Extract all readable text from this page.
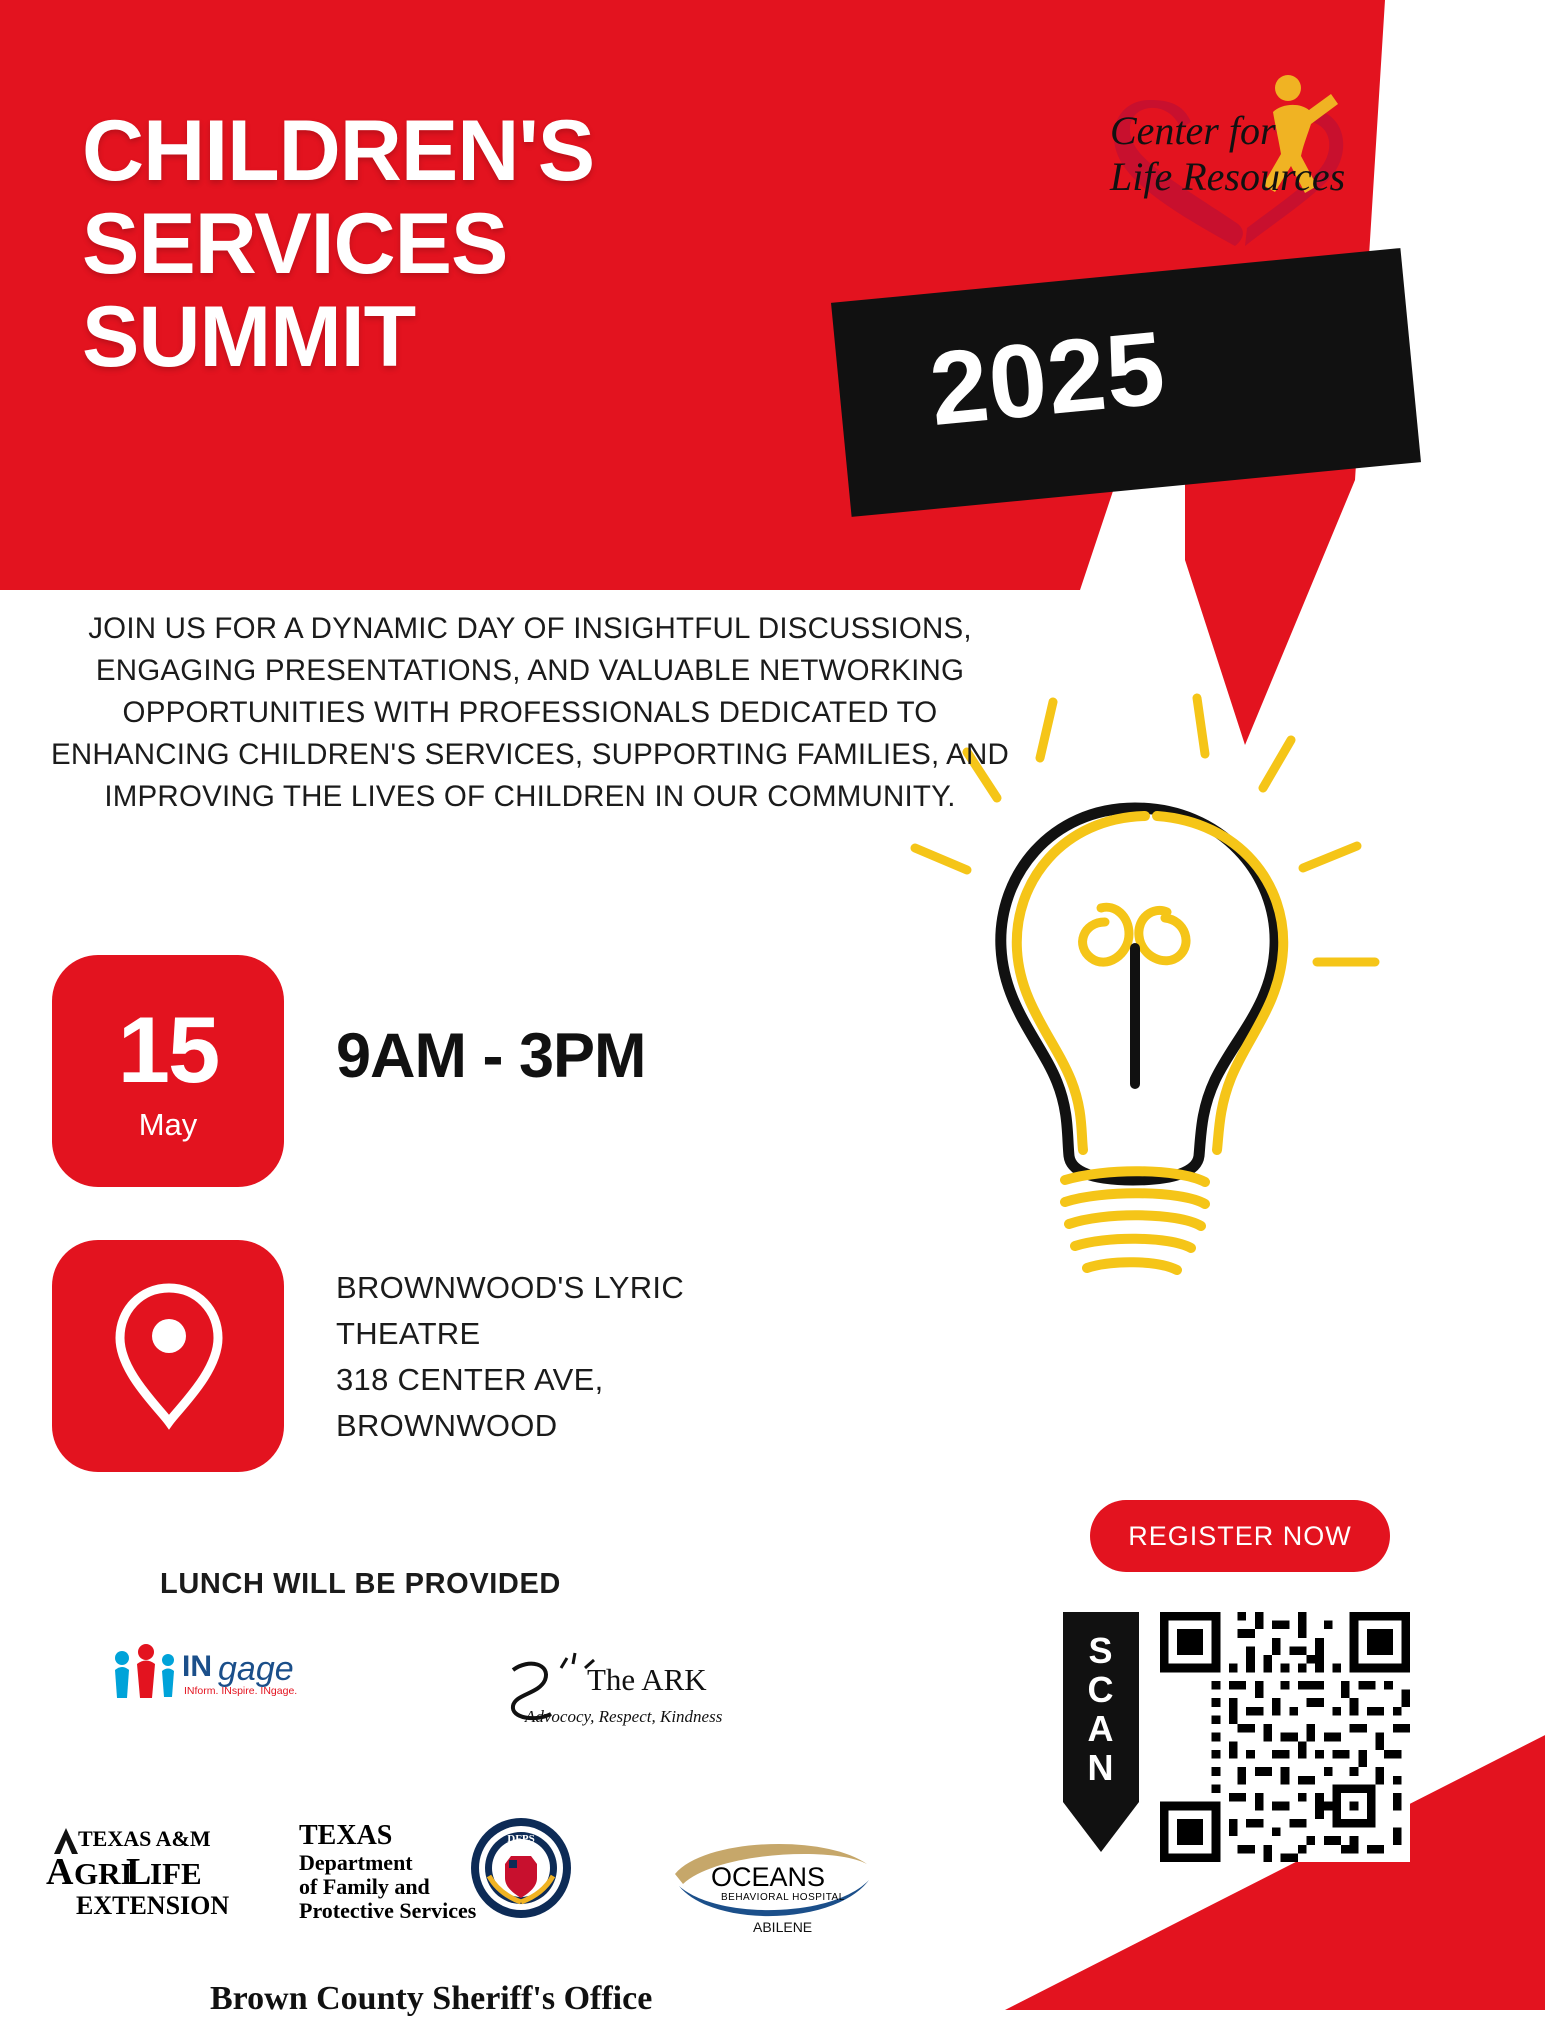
2025
CHILDREN'S
SERVICES
SUMMIT
Center for
Life Resources
JOIN US FOR A DYNAMIC DAY OF INSIGHTFUL DISCUSSIONS, ENGAGING PRESENTATIONS, AND VALUABLE NETWORKING OPPORTUNITIES WITH PROFESSIONALS DEDICATED TO ENHANCING CHILDREN'S SERVICES, SUPPORTING FAMILIES, AND IMPROVING THE LIVES OF CHILDREN IN OUR COMMUNITY.
15
May
9AM - 3PM
BROWNWOOD'S LYRIC
THEATRE
318 CENTER AVE,
BROWNWOOD
LUNCH WILL BE PROVIDED
REGISTER NOW
S
C
A
N
IN gage
INform. INspire. INgage.	The ARK
Advococy, Respect, Kindness
TEXAS A&M
A GRI
L
IFE
EXTENSION
TEXAS
Department
of Family and
Protective Services
DFPS
OCEANS
BEHAVIORAL HOSPITAL
ABILENE
Brown County Sheriff's Office
